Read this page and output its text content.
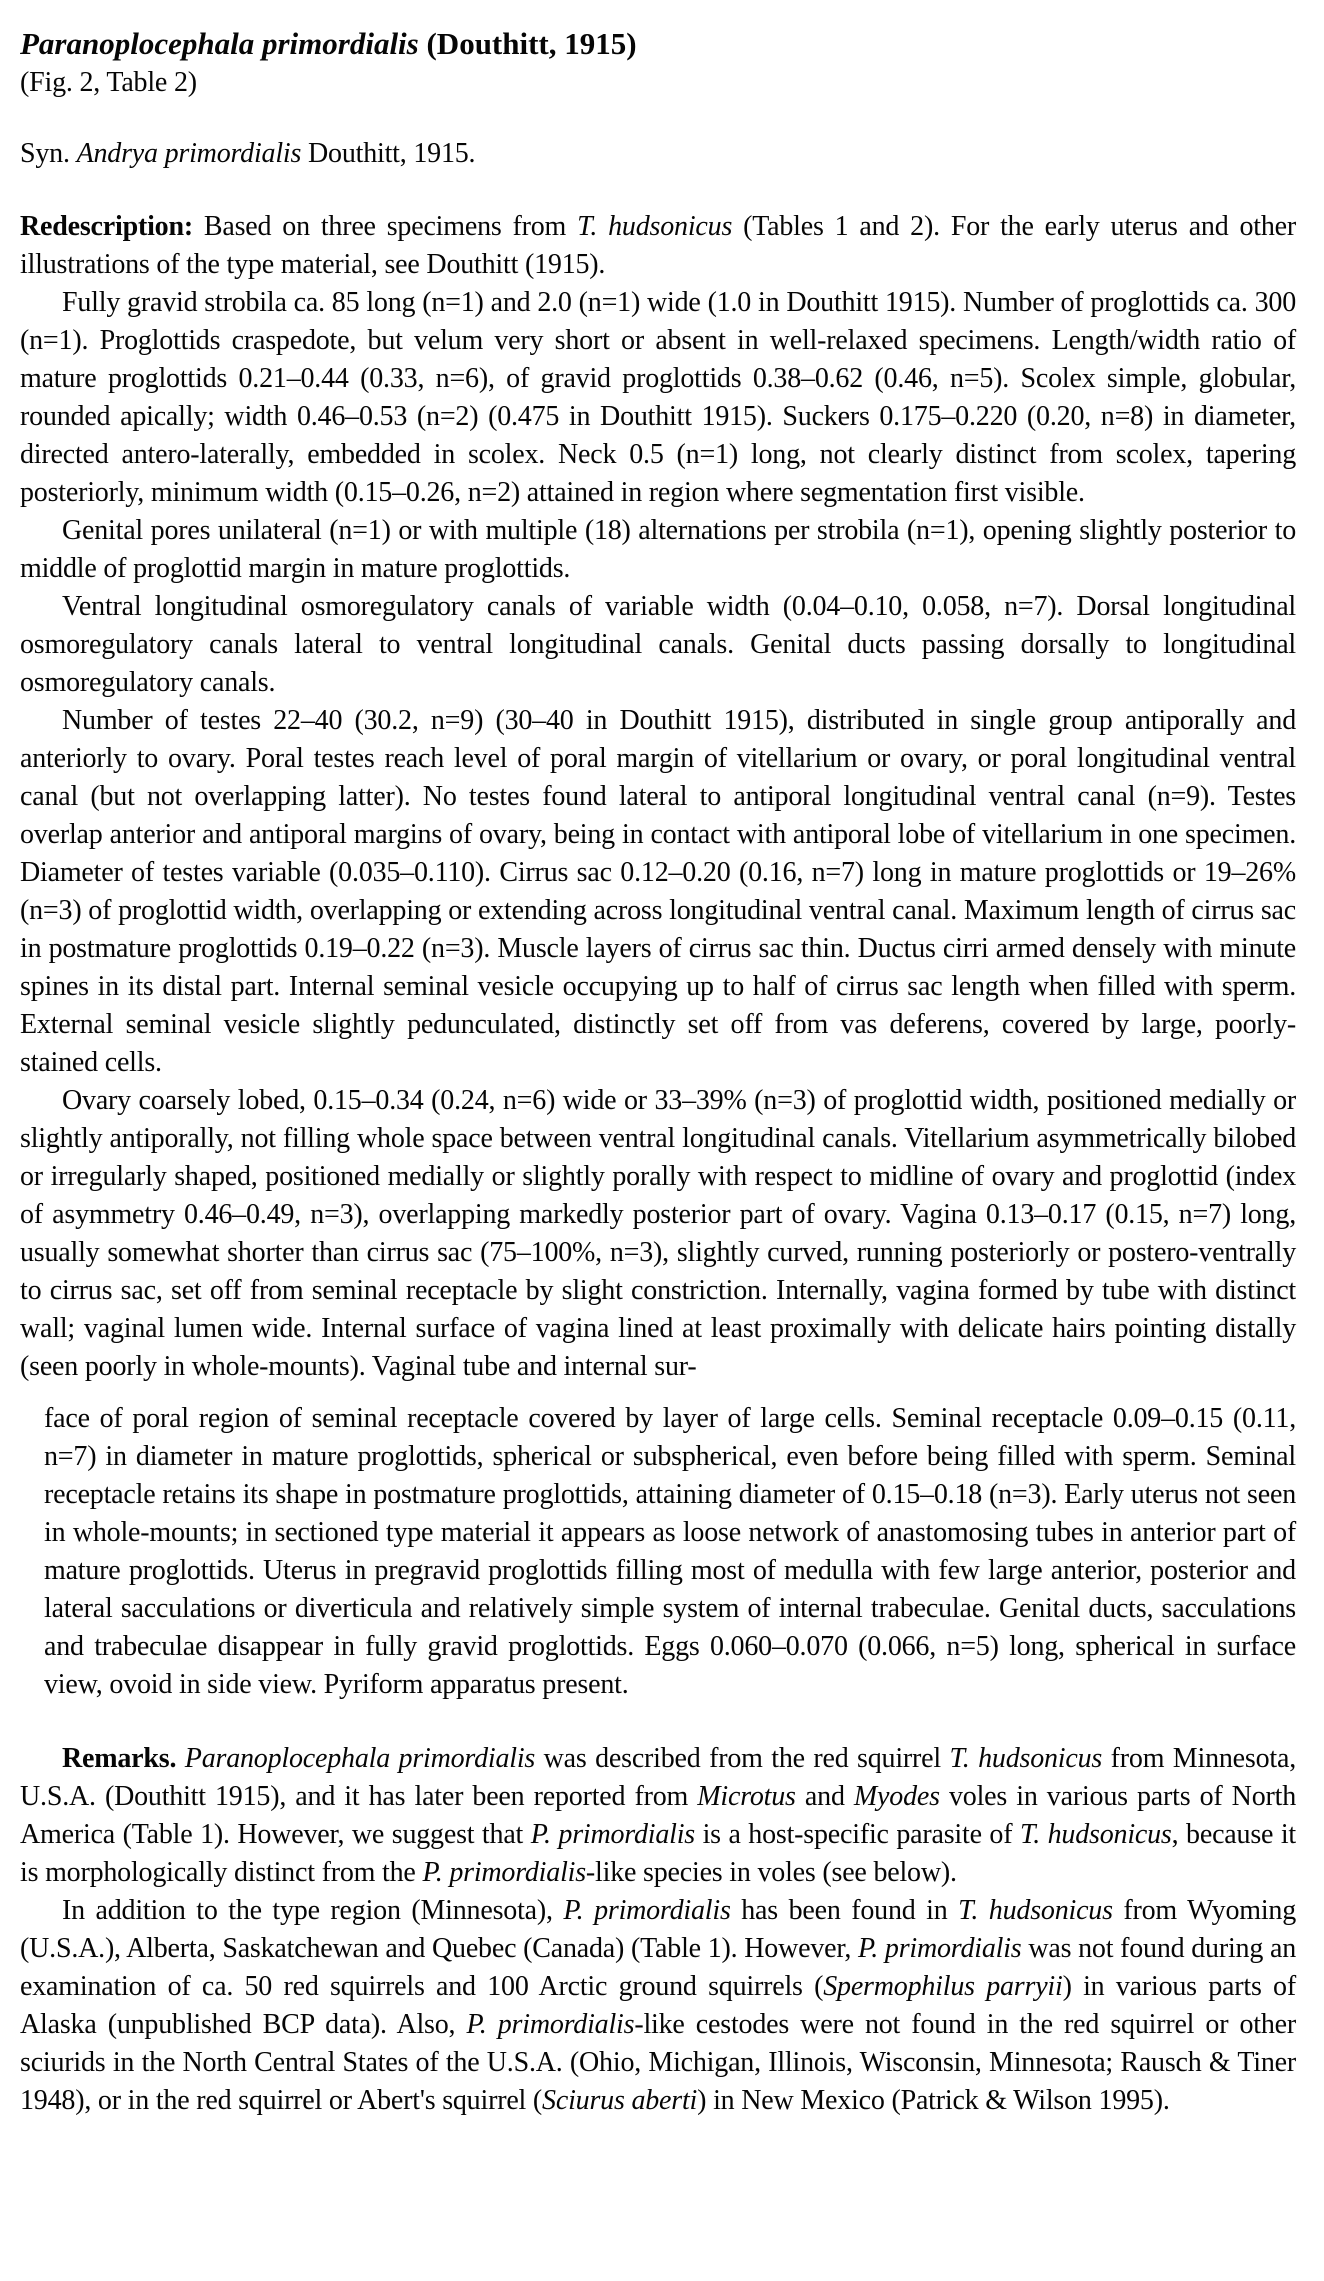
Paranoplocephala primordialis (Douthitt, 1915)
(Fig. 2, Table 2)
Syn. Andrya primordialis Douthitt, 1915.

Redescription: Based on three specimens from T. hudsonicus (Tables 1 and 2). For the early uterus and other illustrations of the type material, see Douthitt (1915).

Fully gravid strobila ca. 85 long (n=1) and 2.0 (n=1) wide (1.0 in Douthitt 1915). Number of proglottids ca. 300 (n=1). Proglottids craspedote, but velum very short or absent in well-relaxed specimens. Length/width ratio of mature proglottids 0.21–0.44 (0.33, n=6), of gravid proglottids 0.38–0.62 (0.46, n=5). Scolex simple, globular, rounded apically; width 0.46–0.53 (n=2) (0.475 in Douthitt 1915). Suckers 0.175–0.220 (0.20, n=8) in diameter, directed antero-laterally, embedded in scolex. Neck 0.5 (n=1) long, not clearly distinct from scolex, tapering posteriorly, minimum width (0.15–0.26, n=2) attained in region where segmentation first visible.

Genital pores unilateral (n=1) or with multiple (18) alternations per strobila (n=1), opening slightly posterior to middle of proglottid margin in mature proglottids.

Ventral longitudinal osmoregulatory canals of variable width (0.04–0.10, 0.058, n=7). Dorsal longitudinal osmoregulatory canals lateral to ventral longitudinal canals. Genital ducts passing dorsally to longitudinal osmoregulatory canals.

Number of testes 22–40 (30.2, n=9) (30–40 in Douthitt 1915), distributed in single group antiporally and anteriorly to ovary. Poral testes reach level of poral margin of vitellarium or ovary, or poral longitudinal ventral canal (but not overlapping latter). No testes found lateral to antiporal longitudinal ventral canal (n=9). Testes overlap anterior and antiporal margins of ovary, being in contact with antiporal lobe of vitellarium in one specimen. Diameter of testes variable (0.035–0.110). Cirrus sac 0.12–0.20 (0.16, n=7) long in mature proglottids or 19–26% (n=3) of proglottid width, overlapping or extending across longitudinal ventral canal. Maximum length of cirrus sac in postmature proglottids 0.19–0.22 (n=3). Muscle layers of cirrus sac thin. Ductus cirri armed densely with minute spines in its distal part. Internal seminal vesicle occupying up to half of cirrus sac length when filled with sperm. External seminal vesicle slightly pedunculated, distinctly set off from vas deferens, covered by large, poorly-stained cells.

Ovary coarsely lobed, 0.15–0.34 (0.24, n=6) wide or 33–39% (n=3) of proglottid width, positioned medially or slightly antiporally, not filling whole space between ventral longitudinal canals. Vitellarium asymmetrically bilobed or irregularly shaped, positioned medially or slightly porally with respect to midline of ovary and proglottid (index of asymmetry 0.46–0.49, n=3), overlapping markedly posterior part of ovary. Vagina 0.13–0.17 (0.15, n=7) long, usually somewhat shorter than cirrus sac (75–100%, n=3), slightly curved, running posteriorly or postero-ventrally to cirrus sac, set off from seminal receptacle by slight constriction. Internally, vagina formed by tube with distinct wall; vaginal lumen wide. Internal surface of vagina lined at least proximally with delicate hairs pointing distally (seen poorly in whole-mounts). Vaginal tube and internal sur-

face of poral region of seminal receptacle covered by layer of large cells. Seminal receptacle 0.09–0.15 (0.11, n=7) in diameter in mature proglottids, spherical or subspherical, even before being filled with sperm. Seminal receptacle retains its shape in postmature proglottids, attaining diameter of 0.15–0.18 (n=3). Early uterus not seen in whole-mounts; in sectioned type material it appears as loose network of anastomosing tubes in anterior part of mature proglottids. Uterus in pregravid proglottids filling most of medulla with few large anterior, posterior and lateral sacculations or diverticula and relatively simple system of internal trabeculae. Genital ducts, sacculations and trabeculae disappear in fully gravid proglottids. Eggs 0.060–0.070 (0.066, n=5) long, spherical in surface view, ovoid in side view. Pyriform apparatus present.

Remarks. Paranoplocephala primordialis was described from the red squirrel T. hudsonicus from Minnesota, U.S.A. (Douthitt 1915), and it has later been reported from Microtus and Myodes voles in various parts of North America (Table 1). However, we suggest that P. primordialis is a host-specific parasite of T. hudsonicus, because it is morphologically distinct from the P. primordialis-like species in voles (see below).

In addition to the type region (Minnesota), P. primordialis has been found in T. hudsonicus from Wyoming (U.S.A.), Alberta, Saskatchewan and Quebec (Canada) (Table 1). However, P. primordialis was not found during an examination of ca. 50 red squirrels and 100 Arctic ground squirrels (Spermophilus parryii) in various parts of Alaska (unpublished BCP data). Also, P. primordialis-like cestodes were not found in the red squirrel or other sciurids in the North Central States of the U.S.A. (Ohio, Michigan, Illinois, Wisconsin, Minnesota; Rausch & Tiner 1948), or in the red squirrel or Abert's squirrel (Sciurus aberti) in New Mexico (Patrick & Wilson 1995).
